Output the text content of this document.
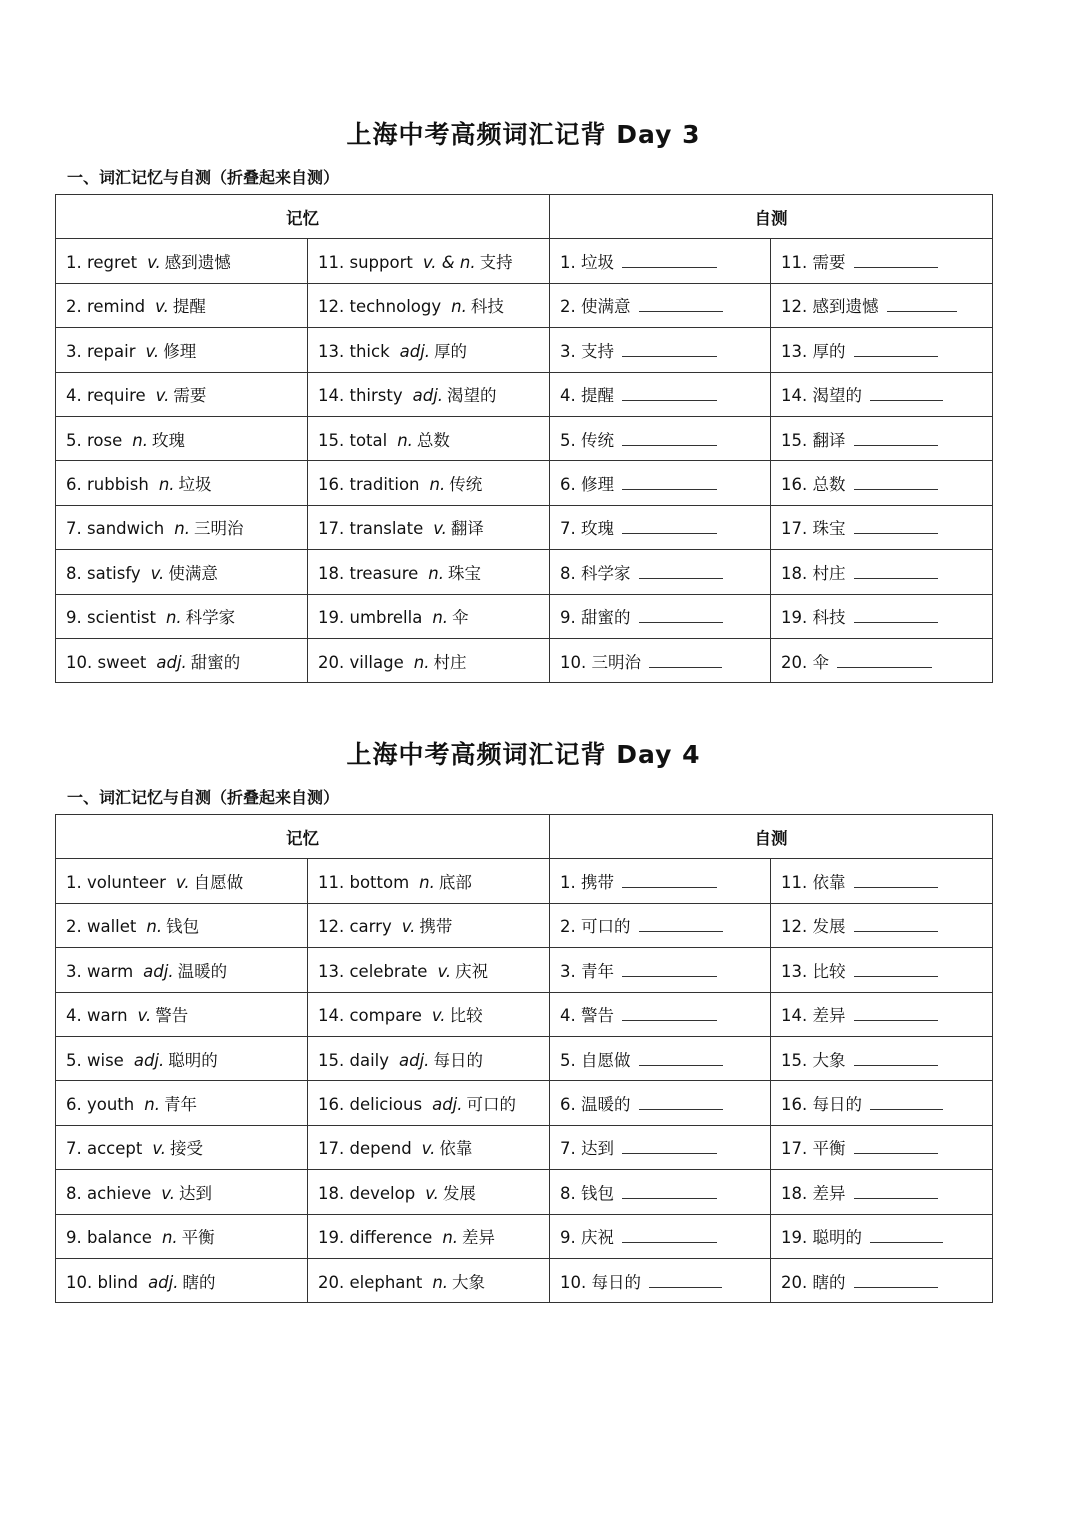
上海中考高频词汇记背 Day 3
一、词汇记忆与自测（折叠起来自测）
记忆		自测	
1. regret v. 感到遗憾	11. support v. & n. 支持	1. 垃圾	11. 需要
2. remind v. 提醒	12. technology n. 科技	2. 使满意	12. 感到遗憾
3. repair v. 修理	13. thick adj. 厚的	3. 支持	13. 厚的
4. require v. 需要	14. thirsty adj. 渴望的	4. 提醒	14. 渴望的
5. rose n. 玫瑰	15. total n. 总数	5. 传统	15. 翻译
6. rubbish n. 垃圾	16. tradition n. 传统	6. 修理	16. 总数
7. sandwich n. 三明治	17. translate v. 翻译	7. 玫瑰	17. 珠宝
8. satisfy v. 使满意	18. treasure n. 珠宝	8. 科学家	18. 村庄
9. scientist n. 科学家	19. umbrella n. 伞	9. 甜蜜的	19. 科技
10. sweet adj. 甜蜜的	20. village n. 村庄	10. 三明治	20. 伞
上海中考高频词汇记背 Day 4
一、词汇记忆与自测（折叠起来自测）
记忆		自测	
1. volunteer v. 自愿做	11. bottom n. 底部	1. 携带	11. 依靠
2. wallet n. 钱包	12. carry v. 携带	2. 可口的	12. 发展
3. warm adj. 温暖的	13. celebrate v. 庆祝	3. 青年	13. 比较
4. warn v. 警告	14. compare v. 比较	4. 警告	14. 差异
5. wise adj. 聪明的	15. daily adj. 每日的	5. 自愿做	15. 大象
6. youth n. 青年	16. delicious adj. 可口的	6. 温暖的	16. 每日的
7. accept v. 接受	17. depend v. 依靠	7. 达到	17. 平衡
8. achieve v. 达到	18. develop v. 发展	8. 钱包	18. 差异
9. balance n. 平衡	19. difference n. 差异	9. 庆祝	19. 聪明的
10. blind adj. 瞎的	20. elephant n. 大象	10. 每日的	20. 瞎的
